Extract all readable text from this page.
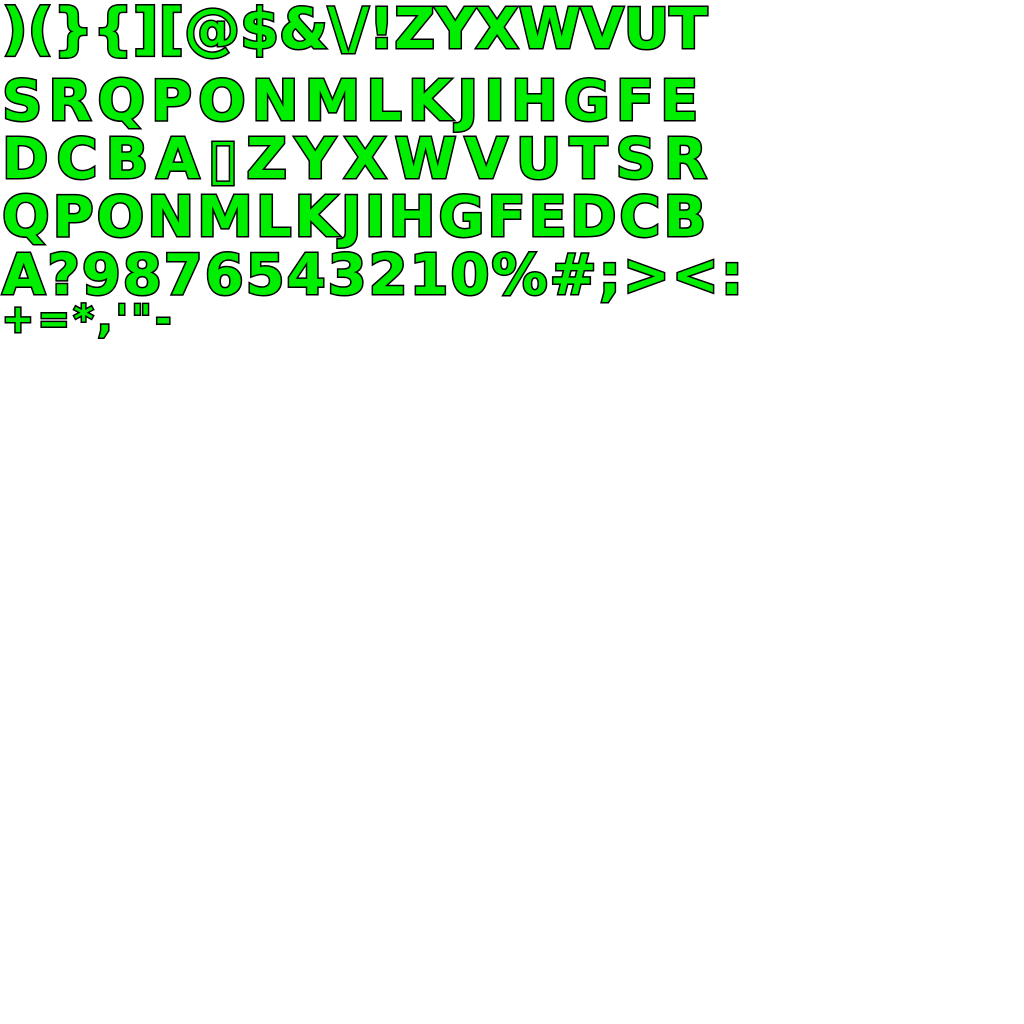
)(}{][@$&\/!ZYXWVUT

SRQPONMLKJIHGFE

DCBA▯ZYXWVUTSR

QPONMLKJIHGFEDCB

A?9876543210%#;><:

+=*,'"-
